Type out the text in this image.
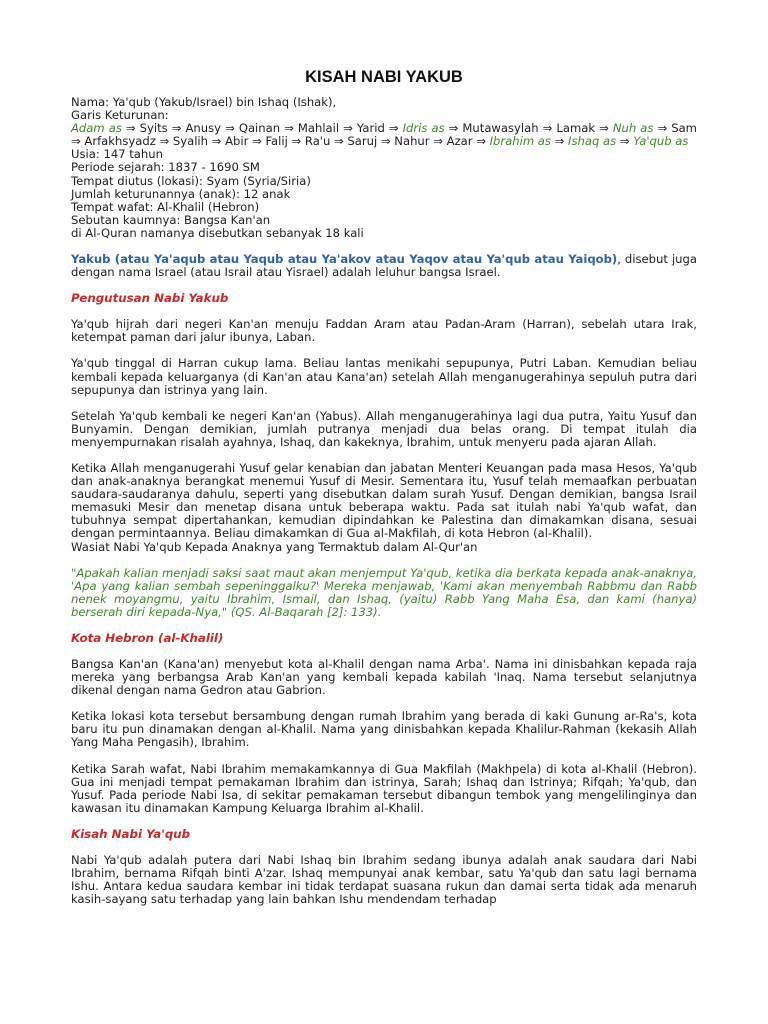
KISAH NABI YAKUB
Nama: Ya'qub (Yakub/Israel) bin Ishaq (Ishak),
Garis Keturunan:
Adam as ⇒ Syits ⇒ Anusy ⇒ Qainan ⇒ Mahlail ⇒ Yarid ⇒ Idris as ⇒ Mutawasylah ⇒ Lamak ⇒ Nuh as ⇒ Sam ⇒ Arfakhsyadz ⇒ Syalih ⇒ Abir ⇒ Falij ⇒ Ra'u ⇒ Saruj ⇒ Nahur ⇒ Azar ⇒ Ibrahim as ⇒ Ishaq as ⇒ Ya'qub as
Usia: 147 tahun
Periode sejarah: 1837 - 1690 SM
Tempat diutus (lokasi): Syam (Syria/Siria)
Jumlah keturunannya (anak): 12 anak
Tempat wafat: Al-Khalil (Hebron)
Sebutan kaumnya: Bangsa Kan'an
di Al-Quran namanya disebutkan sebanyak 18 kali

Yakub (atau Ya'aqub atau Yaqub atau Ya'akov atau Yaqov atau Ya'qub atau Yaiqob), disebut juga dengan nama Israel (atau Israil atau Yisrael) adalah leluhur bangsa Israel.

Pengutusan Nabi Yakub

Ya'qub hijrah dari negeri Kan'an menuju Faddan Aram atau Padan-Aram (Harran), sebelah utara Irak, ketempat paman dari jalur ibunya, Laban.

Ya'qub tinggal di Harran cukup lama. Beliau lantas menikahi sepupunya, Putri Laban. Kemudian beliau kembali kepada keluarganya (di Kan'an atau Kana'an) setelah Allah menganugerahinya sepuluh putra dari sepupunya dan istrinya yang lain.

Setelah Ya'qub kembali ke negeri Kan'an (Yabus). Allah menganugerahinya lagi dua putra, Yaitu Yusuf dan Bunyamin. Dengan demikian, jumlah putranya menjadi dua belas orang. Di tempat itulah dia menyempurnakan risalah ayahnya, Ishaq, dan kakeknya, Ibrahim, untuk menyeru pada ajaran Allah.

Ketika Allah menganugerahi Yusuf gelar kenabian dan jabatan Menteri Keuangan pada masa Hesos, Ya'qub dan anak-anaknya berangkat menemui Yusuf di Mesir. Sementara itu, Yusuf telah memaafkan perbuatan saudara-saudaranya dahulu, seperti yang disebutkan dalam surah Yusuf. Dengan demikian, bangsa Israil memasuki Mesir dan menetap disana untuk beberapa waktu. Pada sat itulah nabi Ya'qub wafat, dan tubuhnya sempat dipertahankan, kemudian dipindahkan ke Palestina dan dimakamkan disana, sesuai dengan permintaannya. Beliau dimakamkan di Gua al-Makfilah, di kota Hebron (al-Khalil).

Wasiat Nabi Ya'qub Kepada Anaknya yang Termaktub dalam Al-Qur'an

"Apakah kalian menjadi saksi saat maut akan menjemput Ya'qub, ketika dia berkata kepada anak-anaknya, 'Apa yang kalian sembah sepeninggalku?' Mereka menjawab, 'Kami akan menyembah Rabbmu dan Rabb nenek moyangmu, yaitu Ibrahim, Ismail, dan Ishaq, (yaitu) Rabb Yang Maha Esa, dan kami (hanya) berserah diri kepada-Nya," (QS. Al-Baqarah [2]: 133).

Kota Hebron (al-Khalil)

Bangsa Kan'an (Kana'an) menyebut kota al-Khalil dengan nama Arba'. Nama ini dinisbahkan kepada raja mereka yang berbangsa Arab Kan'an yang kembali kepada kabilah 'Inaq. Nama tersebut selanjutnya dikenal dengan nama Gedron atau Gabrion.

Ketika lokasi kota tersebut bersambung dengan rumah Ibrahim yang berada di kaki Gunung ar-Ra's, kota baru itu pun dinamakan dengan al-Khalil. Nama yang dinisbahkan kepada Khalilur-Rahman (kekasih Allah Yang Maha Pengasih), Ibrahim.

Ketika Sarah wafat, Nabi Ibrahim memakamkannya di Gua Makfilah (Makhpela) di kota al-Khalil (Hebron). Gua ini menjadi tempat pemakaman Ibrahim dan istrinya, Sarah; Ishaq dan Istrinya; Rifqah; Ya'qub, dan Yusuf. Pada periode Nabi Isa, di sekitar pemakaman tersebut dibangun tembok yang mengelilinginya dan kawasan itu dinamakan Kampung Keluarga Ibrahim al-Khalil.

Kisah Nabi Ya'qub

Nabi Ya'qub adalah putera dari Nabi Ishaq bin Ibrahim sedang ibunya adalah anak saudara dari Nabi Ibrahim, bernama Rifqah binti A'zar. Ishaq mempunyai anak kembar, satu Ya'qub dan satu lagi bernama Ishu. Antara kedua saudara kembar ini tidak terdapat suasana rukun dan damai serta tidak ada menaruh kasih-sayang satu terhadap yang lain bahkan Ishu mendendam terhadap
